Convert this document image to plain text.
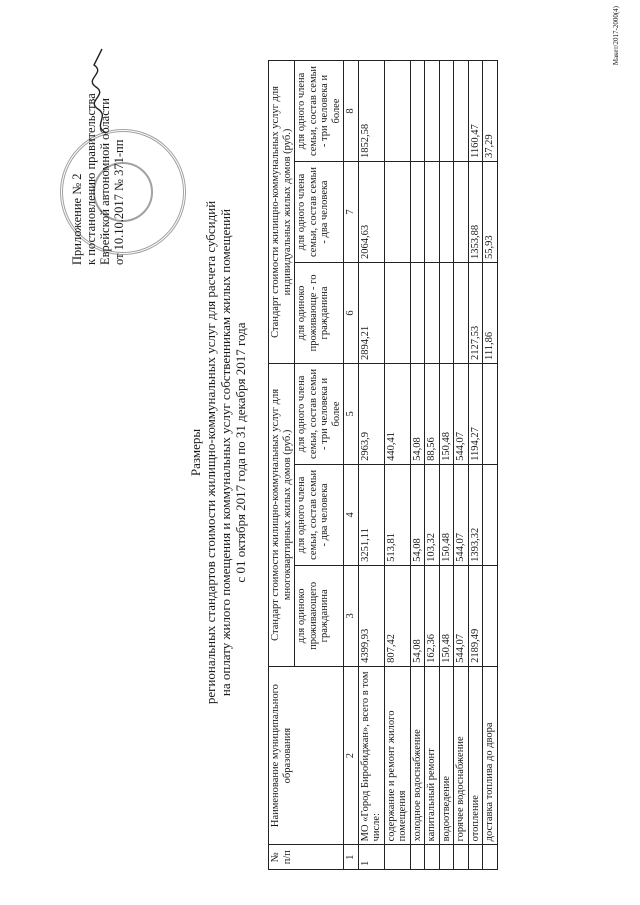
Приложение № 2 к постановлению правительства Еврейской автономной области от 10.10.2017 № 371-пп
Размеры региональных стандартов стоимости жилищно-коммунальных услуг для расчета субсидий на оплату жилого помещения и коммунальных услуг собственникам жилых помещений с 01 октября 2017 года по 31 декабря 2017 года
№ п/п	Наименование муниципального образования	Стандарт стоимости жилищно-коммунальных услуг для многоквартирных жилых домов (руб.)			Стандарт стоимости жилищно-коммунальных услуг для индивидуальных жилых домов (руб.)		
		для одиноко проживающего гражданина	для одного члена семьи, состав семьи - два человека	для одного члена семьи, состав семьи - три человека и более	для одиноко проживающе - го гражданина	для одного члена семьи, состав семьи - два человека	для одного члена семьи, состав семьи - три человека и более
1	2	3	4	5	6	7	8
1	МО «Город Биробиджан», всего в том числе:	4399,93	3251,11	2963,9	2894,21	2064,63	1852,58
	содержание и ремонт жилого помещения	807,42	513,81	440,41			
	холодное водоснабжение	54,08	54,08	54,08			
	капитальный ремонт	162,36	103,32	88,56			
	водоотведение	150,48	150,48	150,48			
	горячее водоснабжение	544,07	544,07	544,07			
	отопление	2189,49	1393,32	1194,27	2127,53	1353,88	1160,47
	доставка топлива до двора				111,86	55,93	37,29
Макет/2017-2000(4)
